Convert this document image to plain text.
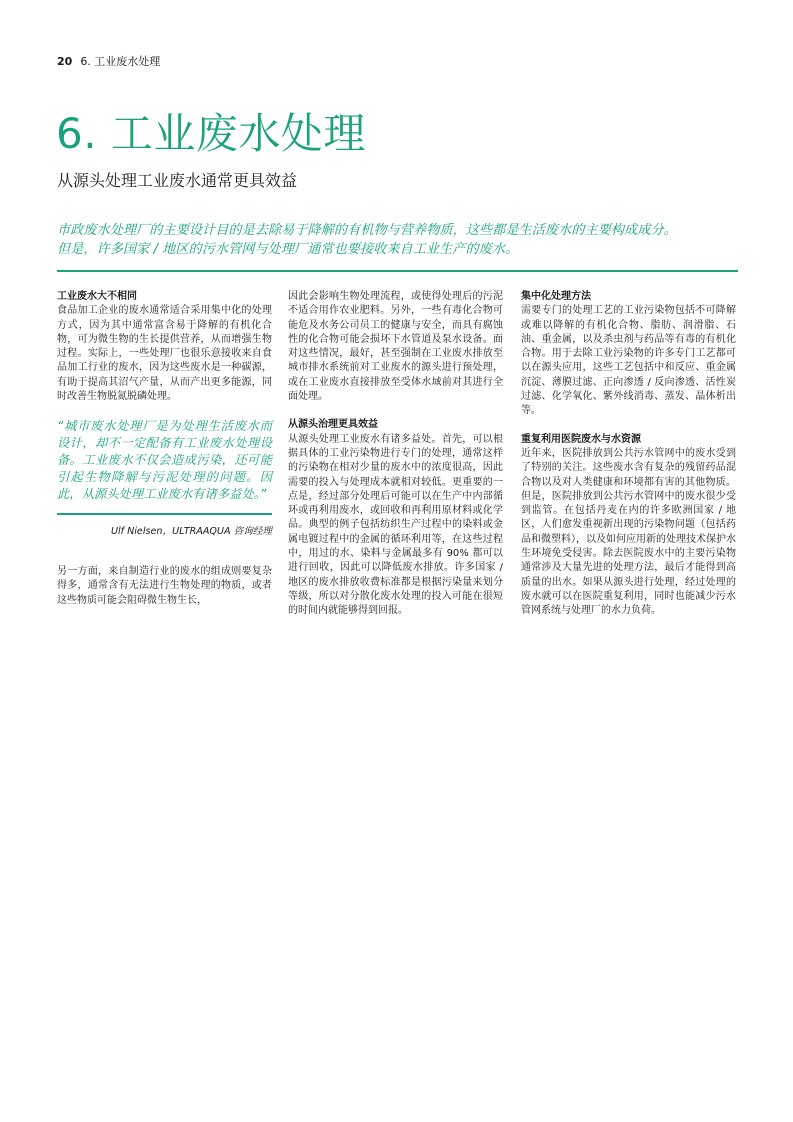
20 6. 工业废水处理
6. 工业废水处理
从源头处理工业废水通常更具效益

市政废水处理厂的主要设计目的是去除易于降解的有机物与营养物质，这些都是生活废水的主要构成成分。

但是，许多国家 / 地区的污水管网与处理厂通常也要接收来自工业生产的废水。

工业废水大不相同

食品加工企业的废水通常适合采用集中化的处理方式，因为其中通常富含易于降解的有机化合物，可为微生物的生长提供营养，从而增强生物过程。实际上，一些处理厂也很乐意接收来自食品加工行业的废水，因为这些废水是一种碳源，有助于提高其沼气产量，从而产出更多能源，同时改善生物脱氮脱磷处理。

“城市废水处理厂是为处理生活废水而设计，却不一定配备有工业废水处理设备。工业废水不仅会造成污染，还可能引起生物降解与污泥处理的问题。因此，从源头处理工业废水有诸多益处。”
Ulf Nielsen，ULTRAAQUA 咨询经理

另一方面，来自制造行业的废水的组成则要复杂得多，通常含有无法进行生物处理的物质，或者这些物质可能会阻碍微生物生长，

因此会影响生物处理流程，或使得处理后的污泥不适合用作农业肥料。另外，一些有毒化合物可能危及水务公司员工的健康与安全，而具有腐蚀性的化合物可能会损坏下水管道及泵水设备。面对这些情况，最好，甚至强制在工业废水排放至城市排水系统前对工业废水的源头进行预处理，或在工业废水直接排放至受体水域前对其进行全面处理。

从源头治理更具效益

从源头处理工业废水有诸多益处。首先，可以根据具体的工业污染物进行专门的处理，通常这样的污染物在相对少量的废水中的浓度很高，因此需要的投入与处理成本就相对较低。更重要的一点是，经过部分处理后可能可以在生产中内部循环或再利用废水，或回收和再利用原材料或化学品。典型的例子包括纺织生产过程中的染料或金属电镀过程中的金属的循环利用等，在这些过程中，用过的水、染料与金属最多有 90% 都可以进行回收，因此可以降低废水排放。许多国家 / 地区的废水排放收费标准都是根据污染量来划分等级，所以对分散化废水处理的投入可能在很短的时间内就能够得到回报。

集中化处理方法

需要专门的处理工艺的工业污染物包括不可降解或难以降解的有机化合物、脂肪、润滑脂、石油、重金属，以及杀虫剂与药品等有毒的有机化合物。用于去除工业污染物的许多专门工艺都可以在源头应用，这些工艺包括中和反应、重金属沉淀、薄膜过滤、正向渗透 / 反向渗透、活性炭过滤、化学氧化、紫外线消毒、蒸发、晶体析出等。

重复利用医院废水与水资源

近年来，医院排放到公共污水管网中的废水受到了特别的关注。这些废水含有复杂的残留药品混合物以及对人类健康和环境都有害的其他物质。但是，医院排放到公共污水管网中的废水很少受到监管。在包括丹麦在内的许多欧洲国家 / 地区，人们愈发重视新出现的污染物问题（包括药品和微塑料），以及如何应用新的处理技术保护水生环境免受侵害。除去医院废水中的主要污染物通常涉及大量先进的处理方法，最后才能得到高质量的出水。如果从源头进行处理，经过处理的废水就可以在医院重复利用，同时也能减少污水管网系统与处理厂的水力负荷。
